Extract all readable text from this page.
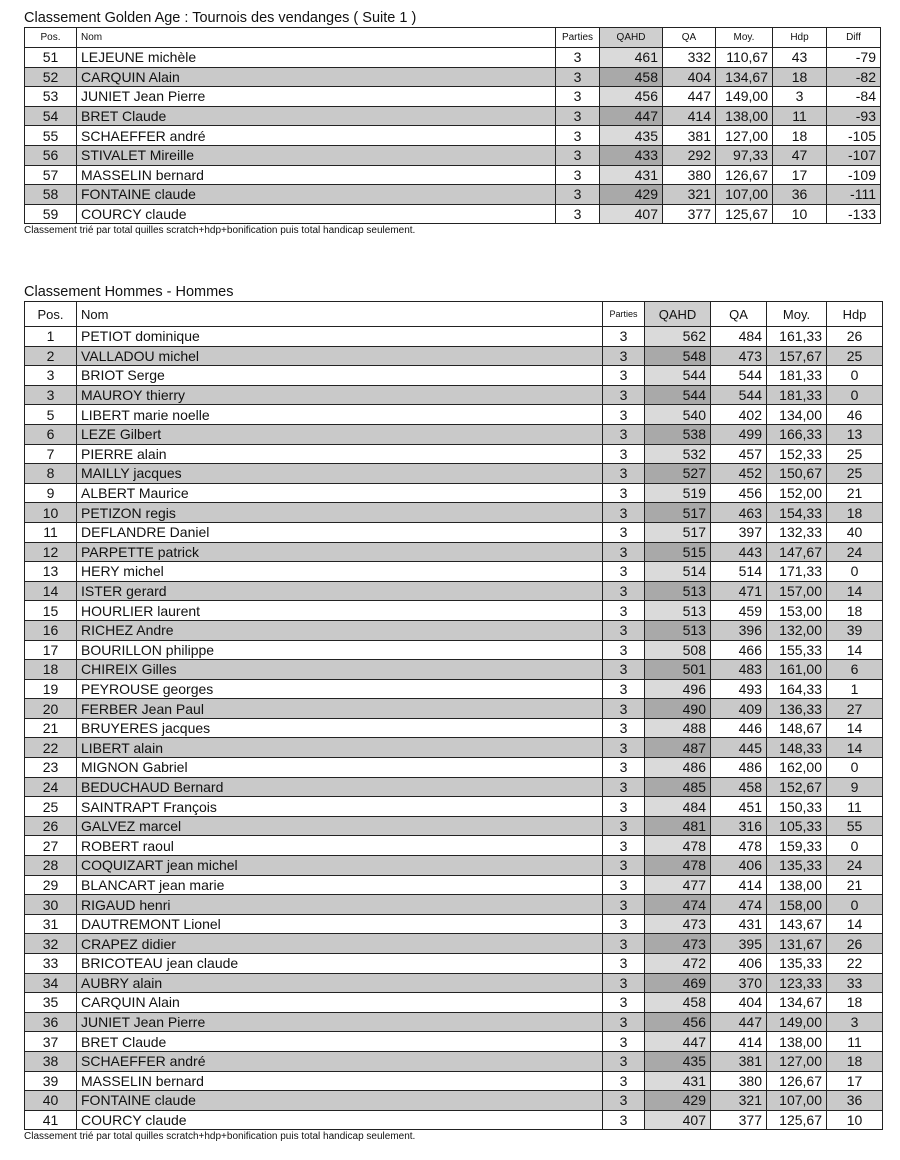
Classement Golden Age : Tournois des vendanges ( Suite 1 )
Pos.	Nom	Parties	QAHD	QA	Moy.	Hdp	Diff
51	LEJEUNE michèle	3	461	332	110,67	43	-79
52	CARQUIN Alain	3	458	404	134,67	18	-82
53	JUNIET Jean Pierre	3	456	447	149,00	3	-84
54	BRET Claude	3	447	414	138,00	11	-93
55	SCHAEFFER andré	3	435	381	127,00	18	-105
56	STIVALET Mireille	3	433	292	97,33	47	-107
57	MASSELIN bernard	3	431	380	126,67	17	-109
58	FONTAINE claude	3	429	321	107,00	36	-111
59	COURCY claude	3	407	377	125,67	10	-133
Classement trié par total quilles scratch+hdp+bonification puis total handicap seulement.
Classement Hommes - Hommes
Pos.	Nom	Parties	QAHD	QA	Moy.	Hdp
1	PETIOT dominique	3	562	484	161,33	26
2	VALLADOU michel	3	548	473	157,67	25
3	BRIOT Serge	3	544	544	181,33	0
3	MAUROY thierry	3	544	544	181,33	0
5	LIBERT marie noelle	3	540	402	134,00	46
6	LEZE Gilbert	3	538	499	166,33	13
7	PIERRE alain	3	532	457	152,33	25
8	MAILLY jacques	3	527	452	150,67	25
9	ALBERT Maurice	3	519	456	152,00	21
10	PETIZON regis	3	517	463	154,33	18
11	DEFLANDRE Daniel	3	517	397	132,33	40
12	PARPETTE patrick	3	515	443	147,67	24
13	HERY michel	3	514	514	171,33	0
14	ISTER gerard	3	513	471	157,00	14
15	HOURLIER laurent	3	513	459	153,00	18
16	RICHEZ Andre	3	513	396	132,00	39
17	BOURILLON philippe	3	508	466	155,33	14
18	CHIREIX Gilles	3	501	483	161,00	6
19	PEYROUSE georges	3	496	493	164,33	1
20	FERBER Jean Paul	3	490	409	136,33	27
21	BRUYERES jacques	3	488	446	148,67	14
22	LIBERT alain	3	487	445	148,33	14
23	MIGNON Gabriel	3	486	486	162,00	0
24	BEDUCHAUD Bernard	3	485	458	152,67	9
25	SAINTRAPT François	3	484	451	150,33	11
26	GALVEZ marcel	3	481	316	105,33	55
27	ROBERT raoul	3	478	478	159,33	0
28	COQUIZART jean michel	3	478	406	135,33	24
29	BLANCART jean marie	3	477	414	138,00	21
30	RIGAUD henri	3	474	474	158,00	0
31	DAUTREMONT Lionel	3	473	431	143,67	14
32	CRAPEZ didier	3	473	395	131,67	26
33	BRICOTEAU jean claude	3	472	406	135,33	22
34	AUBRY alain	3	469	370	123,33	33
35	CARQUIN Alain	3	458	404	134,67	18
36	JUNIET Jean Pierre	3	456	447	149,00	3
37	BRET Claude	3	447	414	138,00	11
38	SCHAEFFER andré	3	435	381	127,00	18
39	MASSELIN bernard	3	431	380	126,67	17
40	FONTAINE claude	3	429	321	107,00	36
41	COURCY claude	3	407	377	125,67	10
Classement trié par total quilles scratch+hdp+bonification puis total handicap seulement.
